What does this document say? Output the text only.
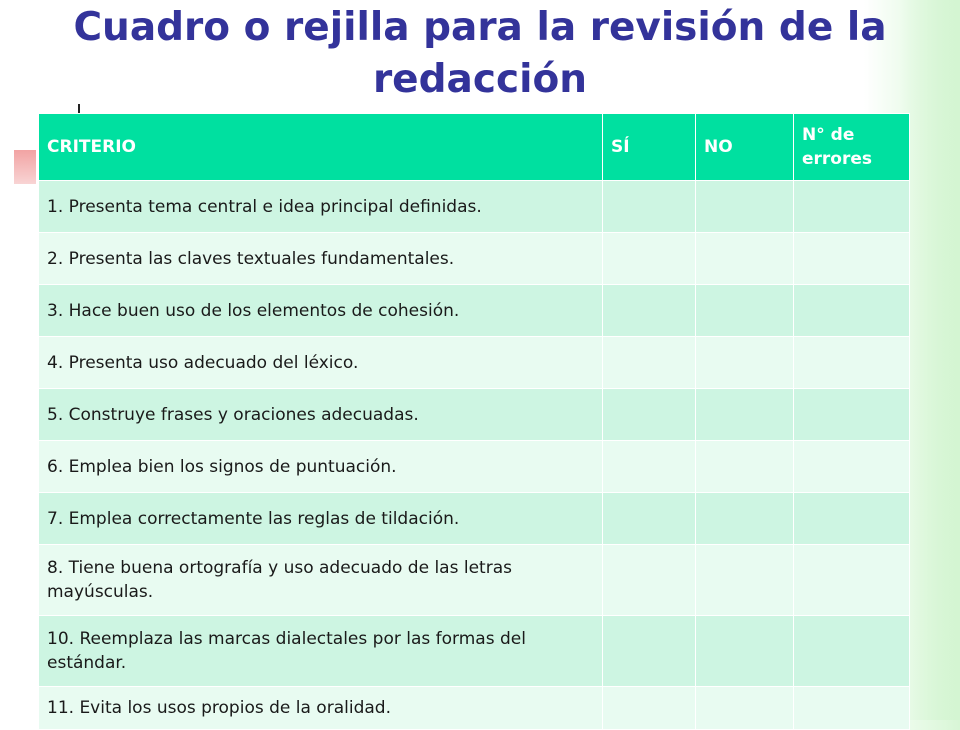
Cuadro o rejilla para la revisión de la redacción
CRITERIO	SÍ	NO	N° de errores
1. Presenta tema central e idea principal definidas.			
2. Presenta las claves textuales fundamentales.			
3. Hace buen uso de los elementos de cohesión.			
4. Presenta uso adecuado del léxico.			
5. Construye frases y oraciones adecuadas.			
6. Emplea bien los signos de puntuación.			
7. Emplea correctamente las reglas de tildación.			
8. Tiene buena ortografía y uso adecuado de las letras mayúsculas.			
10. Reemplaza las marcas dialectales por las formas del estándar.			
11. Evita los usos propios de la oralidad.			
